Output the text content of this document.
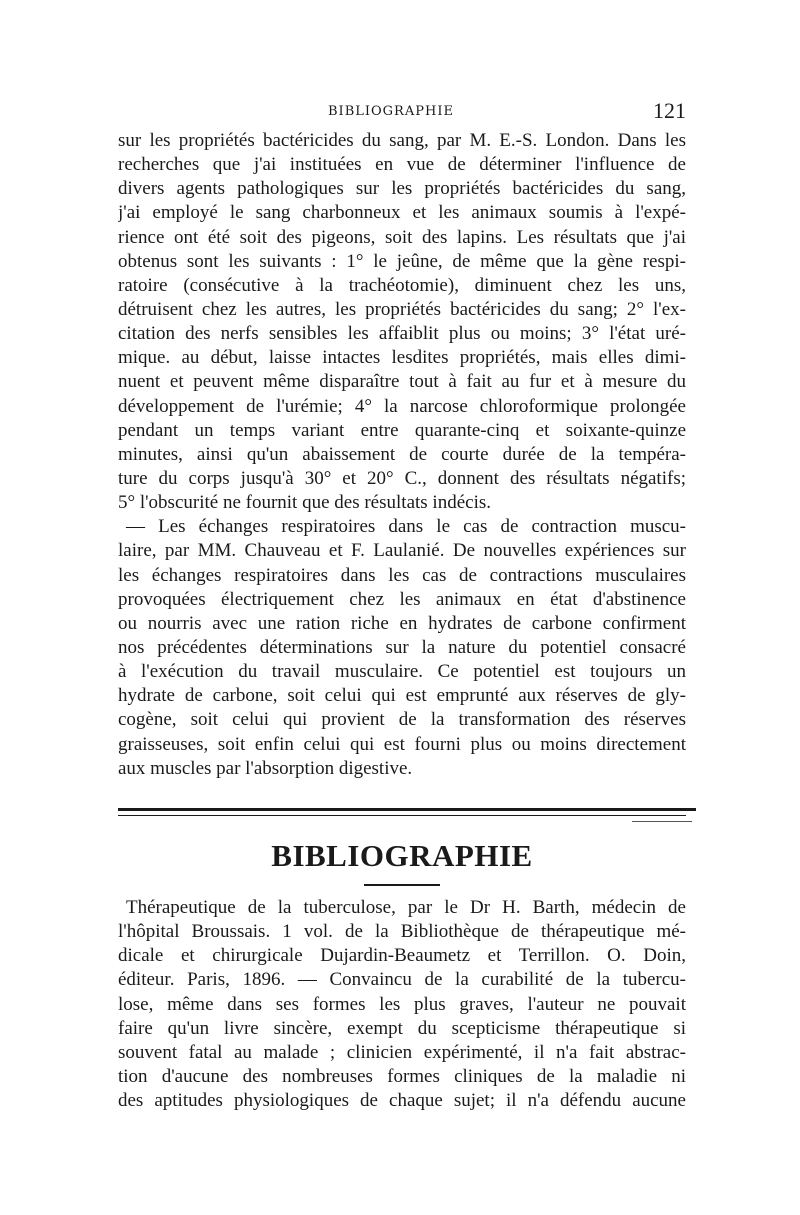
BIBLIOGRAPHIE	121
sur les propriétés bactéricides du sang, par M. E.-S. London. Dans les
recherches que j'ai instituées en vue de déterminer l'influence de
divers agents pathologiques sur les propriétés bactéricides du sang,
j'ai employé le sang charbonneux et les animaux soumis à l'expé-
rience ont été soit des pigeons, soit des lapins. Les résultats que j'ai
obtenus sont les suivants : 1° le jeûne, de même que la gène respi-
ratoire (consécutive à la trachéotomie), diminuent chez les uns,
détruisent chez les autres, les propriétés bactéricides du sang; 2° l'ex-
citation des nerfs sensibles les affaiblit plus ou moins; 3° l'état uré-
mique. au début, laisse intactes lesdites propriétés, mais elles dimi-
nuent et peuvent même disparaître tout à fait au fur et à mesure du
développement de l'urémie; 4° la narcose chloroformique prolongée
pendant un temps variant entre quarante-cinq et soixante-quinze
minutes, ainsi qu'un abaissement de courte durée de la tempéra-
ture du corps jusqu'à 30° et 20° C., donnent des résultats négatifs;
5° l'obscurité ne fournit que des résultats indécis.
— Les échanges respiratoires dans le cas de contraction muscu-
laire, par MM. Chauveau et F. Laulanié. De nouvelles expériences sur
les échanges respiratoires dans les cas de contractions musculaires
provoquées électriquement chez les animaux en état d'abstinence
ou nourris avec une ration riche en hydrates de carbone confirment
nos précédentes déterminations sur la nature du potentiel consacré
à l'exécution du travail musculaire. Ce potentiel est toujours un
hydrate de carbone, soit celui qui est emprunté aux réserves de gly-
cogène, soit celui qui provient de la transformation des réserves
graisseuses, soit enfin celui qui est fourni plus ou moins directement
aux muscles par l'absorption digestive.
BIBLIOGRAPHIE
Thérapeutique de la tuberculose, par le Dr H. Barth, médecin de
l'hôpital Broussais. 1 vol. de la Bibliothèque de thérapeutique mé-
dicale et chirurgicale Dujardin-Beaumetz et Terrillon. O. Doin,
éditeur. Paris, 1896. — Convaincu de la curabilité de la tubercu-
lose, même dans ses formes les plus graves, l'auteur ne pouvait
faire qu'un livre sincère, exempt du scepticisme thérapeutique si
souvent fatal au malade ; clinicien expérimenté, il n'a fait abstrac-
tion d'aucune des nombreuses formes cliniques de la maladie ni
des aptitudes physiologiques de chaque sujet; il n'a défendu aucune
